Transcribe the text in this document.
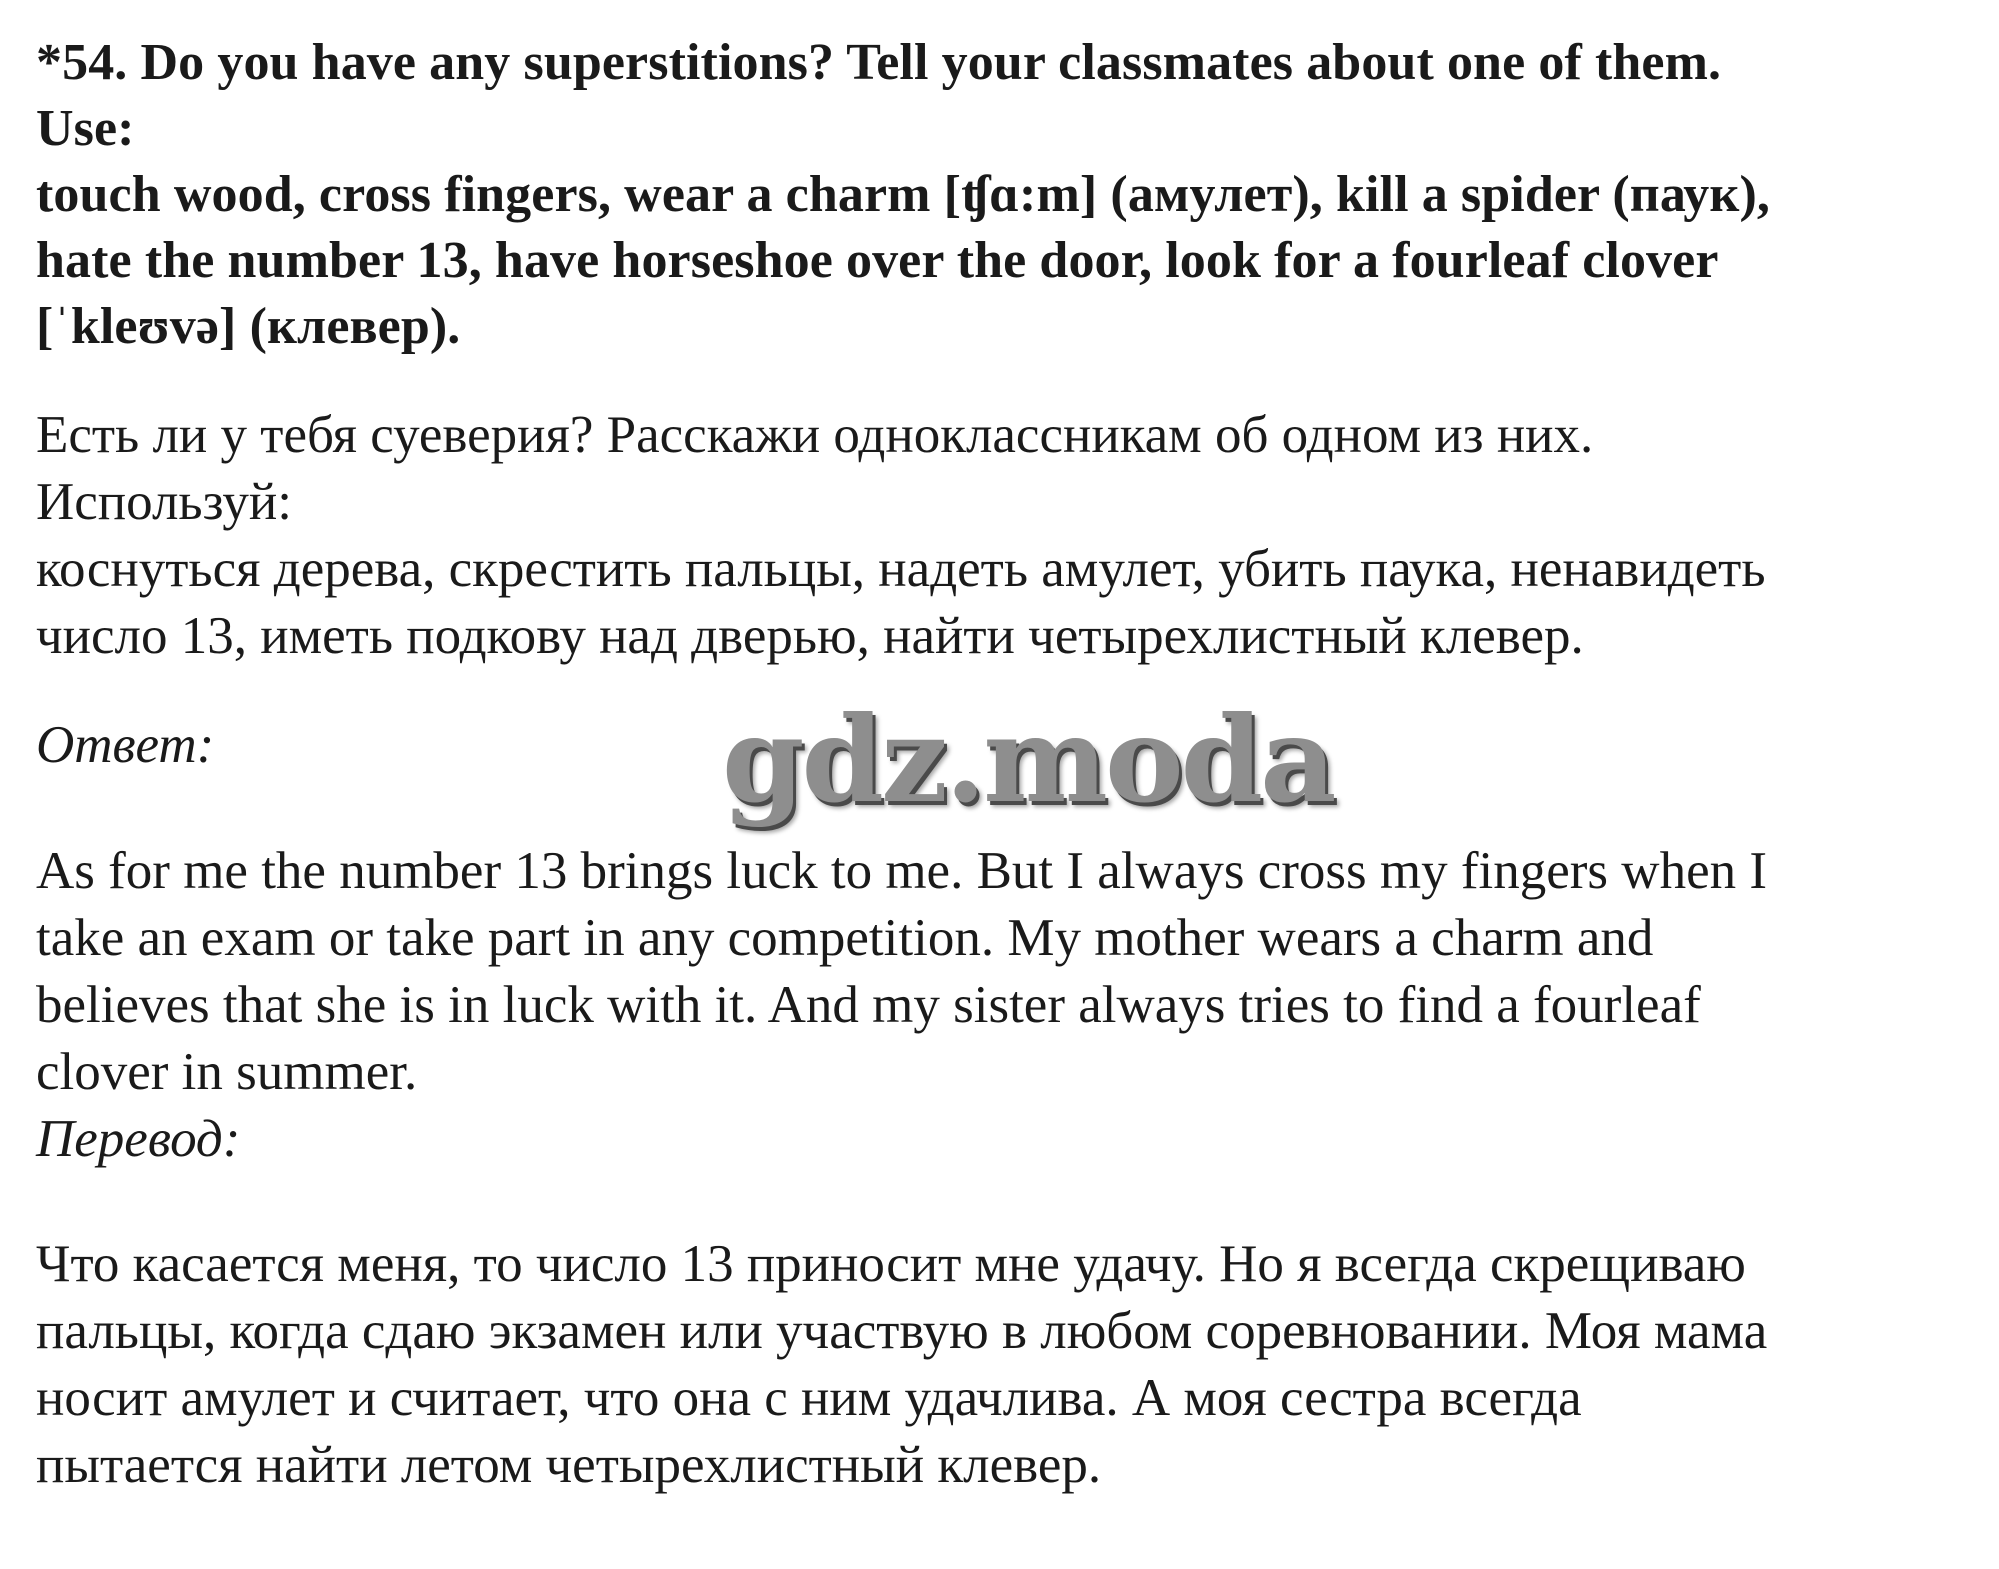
*54. Do you have any superstitions? Tell your classmates about one of them.
Use:
touch wood, cross fingers, wear a charm [ʧɑ:m] (амулет), kill a spider (паук),
hate the number 13, have horseshoe over the door, look for a fourleaf clover
[ˈkleʊvə] (клевер).
Есть ли у тебя суеверия? Расскажи одноклассникам об одном из них.
Используй:
коснуться дерева, скрестить пальцы, надеть амулет, убить паука, ненавидеть
число 13, иметь подкову над дверью, найти четырехлистный клевер.
Ответ:	gdz.moda
As for me the number 13 brings luck to me. But I always cross my fingers when I
take an exam or take part in any competition. My mother wears a charm and
believes that she is in luck with it. And my sister always tries to find a fourleaf
clover in summer.
Перевод:
Что касается меня, то число 13 приносит мне удачу. Но я всегда скрещиваю
пальцы, когда сдаю экзамен или участвую в любом соревновании. Моя мама
носит амулет и считает, что она с ним удачлива. А моя сестра всегда
пытается найти летом четырехлистный клевер.
